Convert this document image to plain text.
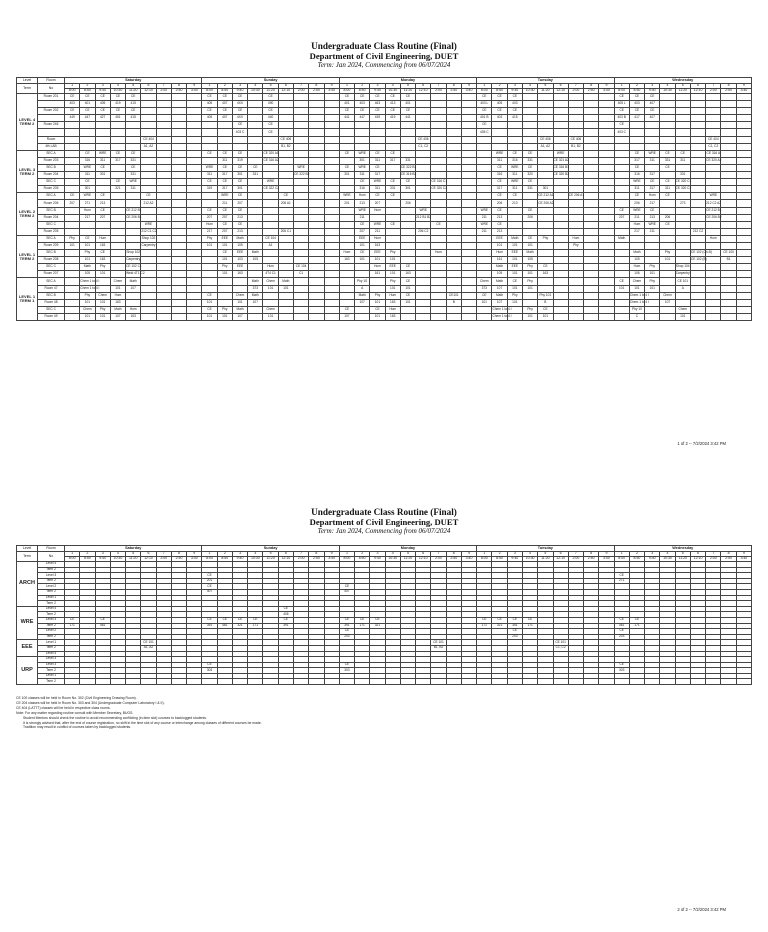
Undergraduate Class Routine (Final)
Department of Civil Engineering, DUET
Term: Jan 2024, Commencing from 06/07/2024
Level	Room	Saturday									Sunday									Monday									Tuesday									Wednesday								
Term	No	1	2	3	4	5	6	7	8	9	1	2	3	4	5	6	7	8	9	1	2	3	4	5	6	7	8	9	1	2	3	4	5	6	7	8	9	1	2	3	4	5	6	7	8	9
		8:00	8:50	9:40	10:30	11:20	12:10	2:00	2:50	3:40	8:00	8:50	9:40	10:30	11:20	12:10	2:00	2:50	3:40	8:00	8:50	9:40	10:30	11:20	12:10	2:00	2:50	3:40	8:00	8:50	9:40	10:30	11:20	12:10	2:00	2:50	3:40	8:00	8:50	9:40	10:30	11:20	12:10	2:00	2:50	3:40
LEVEL 4 TERM 2	Room 201	CE	CE	CE	CE	CE					CE	CE	CE		CE					CE	CE	CE	CE	CE					CE	CE	CE							CE	CE	CE						
		403	401	405	419	415					405	407	4XX		490					401	403	463	413	401					403 L	405	403							405 L	403	407						
	Room 202	CE	CE	CE	CE	CE					CE	CE	CE		CE					CE	CE	CE	CE	CE					CE	CE	CE							CE	CE	CE						
		449	447	427	451	415					405	407	4XX		440					441	447	439	419	441					401 B	403	415							403 B	417	407						
	Room 246												CE		CE														CE									CE								
													403 C		CE														405 C									403 C								
	Room						CE 404									CE 406									CE 406								CE 406		CE 406									CE 404		
	4th LAB						A1, A2									B1, B2									C1, C2								A1, A2		B1, B2									C1, C2		
LEVEL 3 TERM 2	SEC A		CE	WRE	CE	CE					CE	CE	CE		CE 320 A1					CE	WRE	CE	CE							WRE	CE	CE		WRE					CE	WRE	CE	CE		CE 316 A		
	Room 203		316	311	317	331						311	319		CE 316 A2						301	311	317	331						311	316	331		CE 321 A2					317	311	331	311		CE 320 A2		
	SEC B		WRE	CE		CE					WRE	CE	CE	CE			WRE			CE	WRE	CE		CE 322 B1						CE	WRE	CE		CE 316 B1					CE		CE					
	Room 204		311	301		331					311	317	301	331			CE 322 B2			301	311	317		CE 316 B2						316	311	320		CE 320 B2					316	317		331				
	SEC C		CE		CE	WRE					CE	CE	CE		WRE						CE	WRE	CE	CE		CE 316 C1				CE	WRE	CE							WRE	CE	CE	CE 320 C1				
	Room 205		301		321	311					319	317	301		CE 322 C2						316	311	331	301		CE 320 C2				317	311	331	301						311	317	311	CE 320 C2				
LEVEL 2 TERM 2	SEC A	CE	WRE	CE			CE					WRE	CE			CE				WRE	Hum	CE	CE							CE	CE		CE 212 A1		CE 206 A1				CE	Hum	CE			WRE		
	Room 206	207	271	213			212 A2					211	207			206 A1				201	213	207		206						206	213		CE 206 A2						206	217		273		212 C2 A2		
	SEC B		Hum	CE		CE 212 B1					CE	CE	CE								WRE	Hum			WRE				WRE	CE		CE						CE	WRE	CE				CE 212 B1		
	Room 204		217	207		CE 206 B1					207	207	213								211				212 B1 B2				211	213		206						207	211	213	206			CE 206 B2		
	SEC C						WRE				Hum	CE	CE								CE	WRE	CE			CE			WRE	CE									Hum	WRE	CE					
	Room 205						212 C1 C2				217	207	213			206 C1					207	211			206 C2				211	213									217	211			212 C2			
LEVEL 1 TERM 2	SEC A	Phy	CE	Hum			Shop 102				Phy	EEE	Math		CE 104						EEE	Hum								EEE	Math	CE	Phy		Hum			Math						Hum		
	Room 209	101	101	163			Carpentry				101	101	105		A1						101	163								101	101	101			Phy											
	SEC B		Phy	CE		Shop 102						CE	EEE	Math						Hum	CE	EEE	Phy			Hum				Hum	EEE	Math							Math		Phy		CE 102 (Ch-B)		CE 100	
	Room 208		101	163		Carpentry						101	103	105						163	101	101	101							161	101	105							105		101		CE 102 (B)		B1	
	SEC C		Math	Phy		CE 102 C1						Phy	EEE		Hum		CE 104					Hum	EEE	CE						Math	EEE	Phy	CE						Hum	Phy		Shop 104				
	Room 207		105	101		Weld 4T1 C2						101	163		4T4 C1		C1					161	101	163						105	101	101	163						106	101		Carpentry				
LEVEL 1 TERM 1	SEC A		Chem 1 to 4 I		Chem	Math								Math	Chem	Math					Phy 1S		Phy	CE					Chem	Math	CE	Phy						CE	Chem	Phy		CE 101				
	Room 47		Chem 1 to 4 I		101	107								373	101	101					A		101	101					373	107	101	101						101	101	101		A				
	SEC B		Phy	Chem	Hum						CE		Chem	Math							Math	Phy	Hum	CE			CE101		CE	Math	Phy		Phy 101						Chem 1 to 4 I		Chem					
	Room 48		101	101	163						101		101	107							107	101	163	101			B		101	107	101		B						Chem 1 to 4 I		107					
	SEC C		Chem	Phy	Math	Hum					CE	Phy	Math		Chem					CE		CE	Hum							Chem 1 to 4 I		Phy	CE						Phy 10			Chem				
	Room 49		101	101	107	163					101	101	107		101					107		101	163							Chem 1 to 4 I		101	101						C			101				
1 of 2 -- 7/2/2024 3:42 PM
Undergraduate Class Routine (Final)
Department of Civil Engineering, DUET
Term: Jan 2024, Commencing from 06/07/2024
Level	Room	Saturday									Sunday									Monday									Tuesday									Wednesday								
Term	No	1	2	3	4	5	6	7	8	9	1	2	3	4	5	6	7	8	9	1	2	3	4	5	6	7	8	9	1	2	3	4	5	6	7	8	9	1	2	3	4	5	6	7	8	9
		8:00	8:50	9:40	10:30	11:20	12:10	2:00	2:50	3:40	8:00	8:50	9:40	10:30	11:20	12:10	2:00	2:50	3:40	8:00	8:50	9:40	10:30	11:20	12:10	2:00	2:50	3:40	8:00	8:50	9:40	10:30	11:20	12:10	2:00	2:50	3:40	8:00	8:50	9:40	10:30	11:20	12:10	2:00	2:50	3:40
ARCH	Level 4																																													
	Term 2																																													
	Level 3										CE																											CE								
	Term 2										201																											271								
	Level 2										CE									CE																										
	Term 2										407									407																										
	Level 1																																													
	Term 2																																													
WRE	Level 4															CE																														
	Term 2															406																														
	Level 3	CE		CE							CE	CE	CE	CE		CE				CE	CE	CE							CE	CE	CE	CE						CE	CE							
	Term 2	171		461							391	461	321	171		391				391	171	321							171	321	351	171						461	171							
	Level 2																			CE											CE							CE								
	Term 2																			203											203							203								
EEE	Level 1						CE 101																			CE 101								CE 101												
	Term 2						A1, A2																			B1, B2								C1, C2												
	Level 4																																													
URP	Level 3																																													
	Level 3										CE									CE																		CE								
	Term 2										303									303																		303								
	Level 1																																													
	Term 2																																													
CE 100 classes will be held in Room No. 302 (Civil Engineering Drawing Room).
CE 204 classes will be held in Room No. 303 and 304 (Undergraduate Computer Laboratory I & II).
CE 404 (LATTT) classes will be held in respective class rooms.
Note: For any matter regarding routine consult with Member Secretary, BUGS.
Student Mentors should check the routine to avoid recommending conflicting (in-time slot) courses to backlogged students.
It is strongly advised that, after the end of course registration, no shift in the time slot of any course or interchange among classes of different courses be made.
Tradition may result in conflict of courses taken by backlogged students.
2 of 2 -- 7/2/2024 3:42 PM
